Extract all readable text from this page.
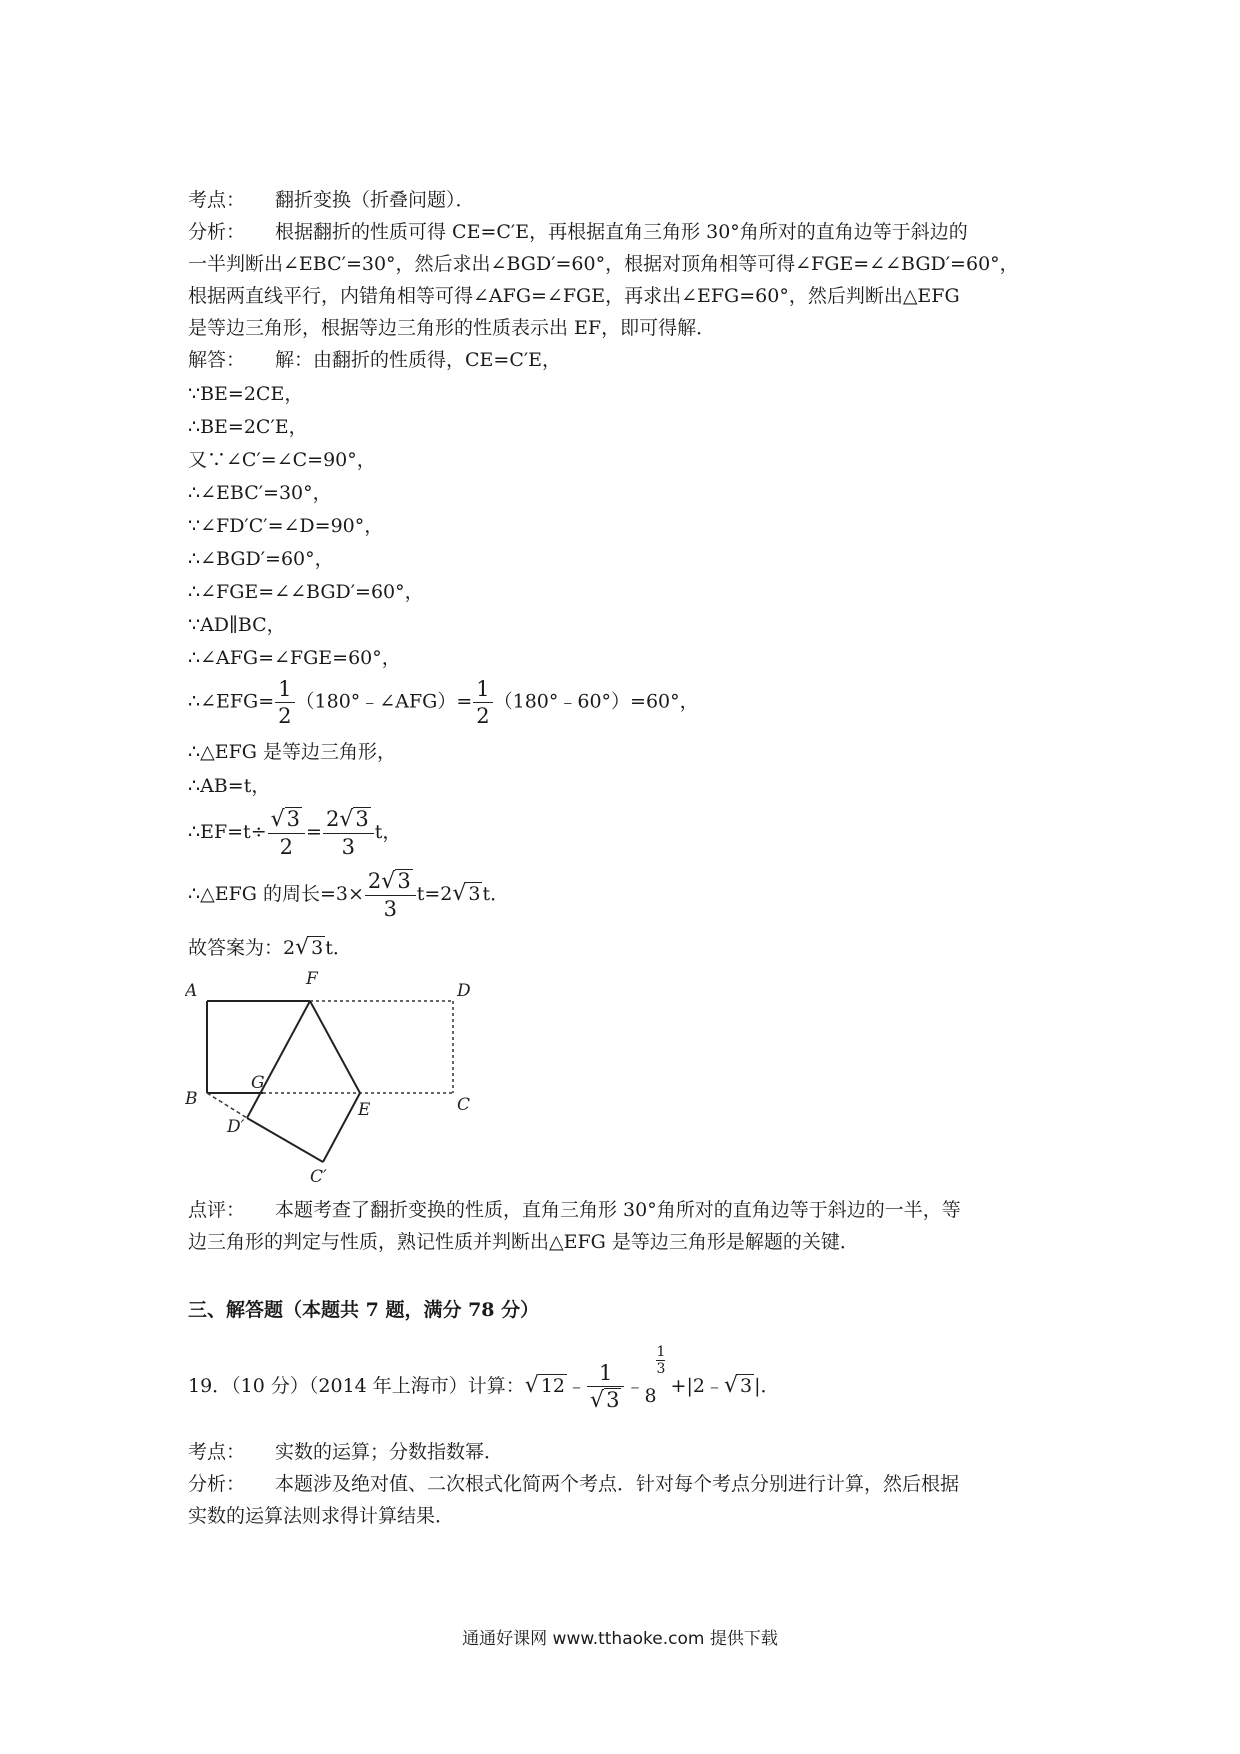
考点： 翻折变换（折叠问题）．
分析： 根据翻折的性质可得 CE=C′E，再根据直角三角形 30°角所对的直角边等于斜边的
一半判断出∠EBC′=30°，然后求出∠BGD′=60°，根据对顶角相等可得∠FGE=∠∠BGD′=60°，
根据两直线平行，内错角相等可得∠AFG=∠FGE，再求出∠EFG=60°，然后判断出△EFG
是等边三角形，根据等边三角形的性质表示出 EF，即可得解．
解答： 解：由翻折的性质得，CE=C′E，
∵BE=2CE，
∴BE=2C′E，
又∵∠C′=∠C=90°，
∴∠EBC′=30°，
∵∠FD′C′=∠D=90°，
∴∠BGD′=60°，
∴∠FGE=∠∠BGD′=60°，
∵AD∥BC，
∴∠AFG=∠FGE=60°，
∴∠EFG= $\frac{1}{2}$ （180°﹣∠AFG）= $\frac{1}{2}$ （180°﹣60°）=60°，
∴△EFG 是等边三角形，
∴AB=t，
∴EF=t÷ $\frac{√3}{2} = \frac{2√3}{3}$ t，
∴△EFG 的周长$=3\times \frac{2√3}{3} t=2√$ 3 t．
故答案为：2√ 3 t．
A
F
D
G
B
E	C
D′
C′
点评： 本题考查了翻折变换的性质，直角三角形 30°角所对的直角边等于斜边的一半，等
边三角形的判定与性质，熟记性质并判断出△EFG 是等边三角形是解题的关键．
三、解答题（本题共 7 题，满分 78 分）
19．（10 分）（2014 年上海市）计算：√ 12 ﹣ $\frac{1}{√3}$ ﹣8
$\frac{1}{3}$
+|2﹣√ 3 |．
考点： 实数的运算；分数指数幂．
分析： 本题涉及绝对值、二次根式化简两个考点．针对每个考点分别进行计算，然后根据
实数的运算法则求得计算结果．
通通好课网 www.tthaoke.com 提供下载
